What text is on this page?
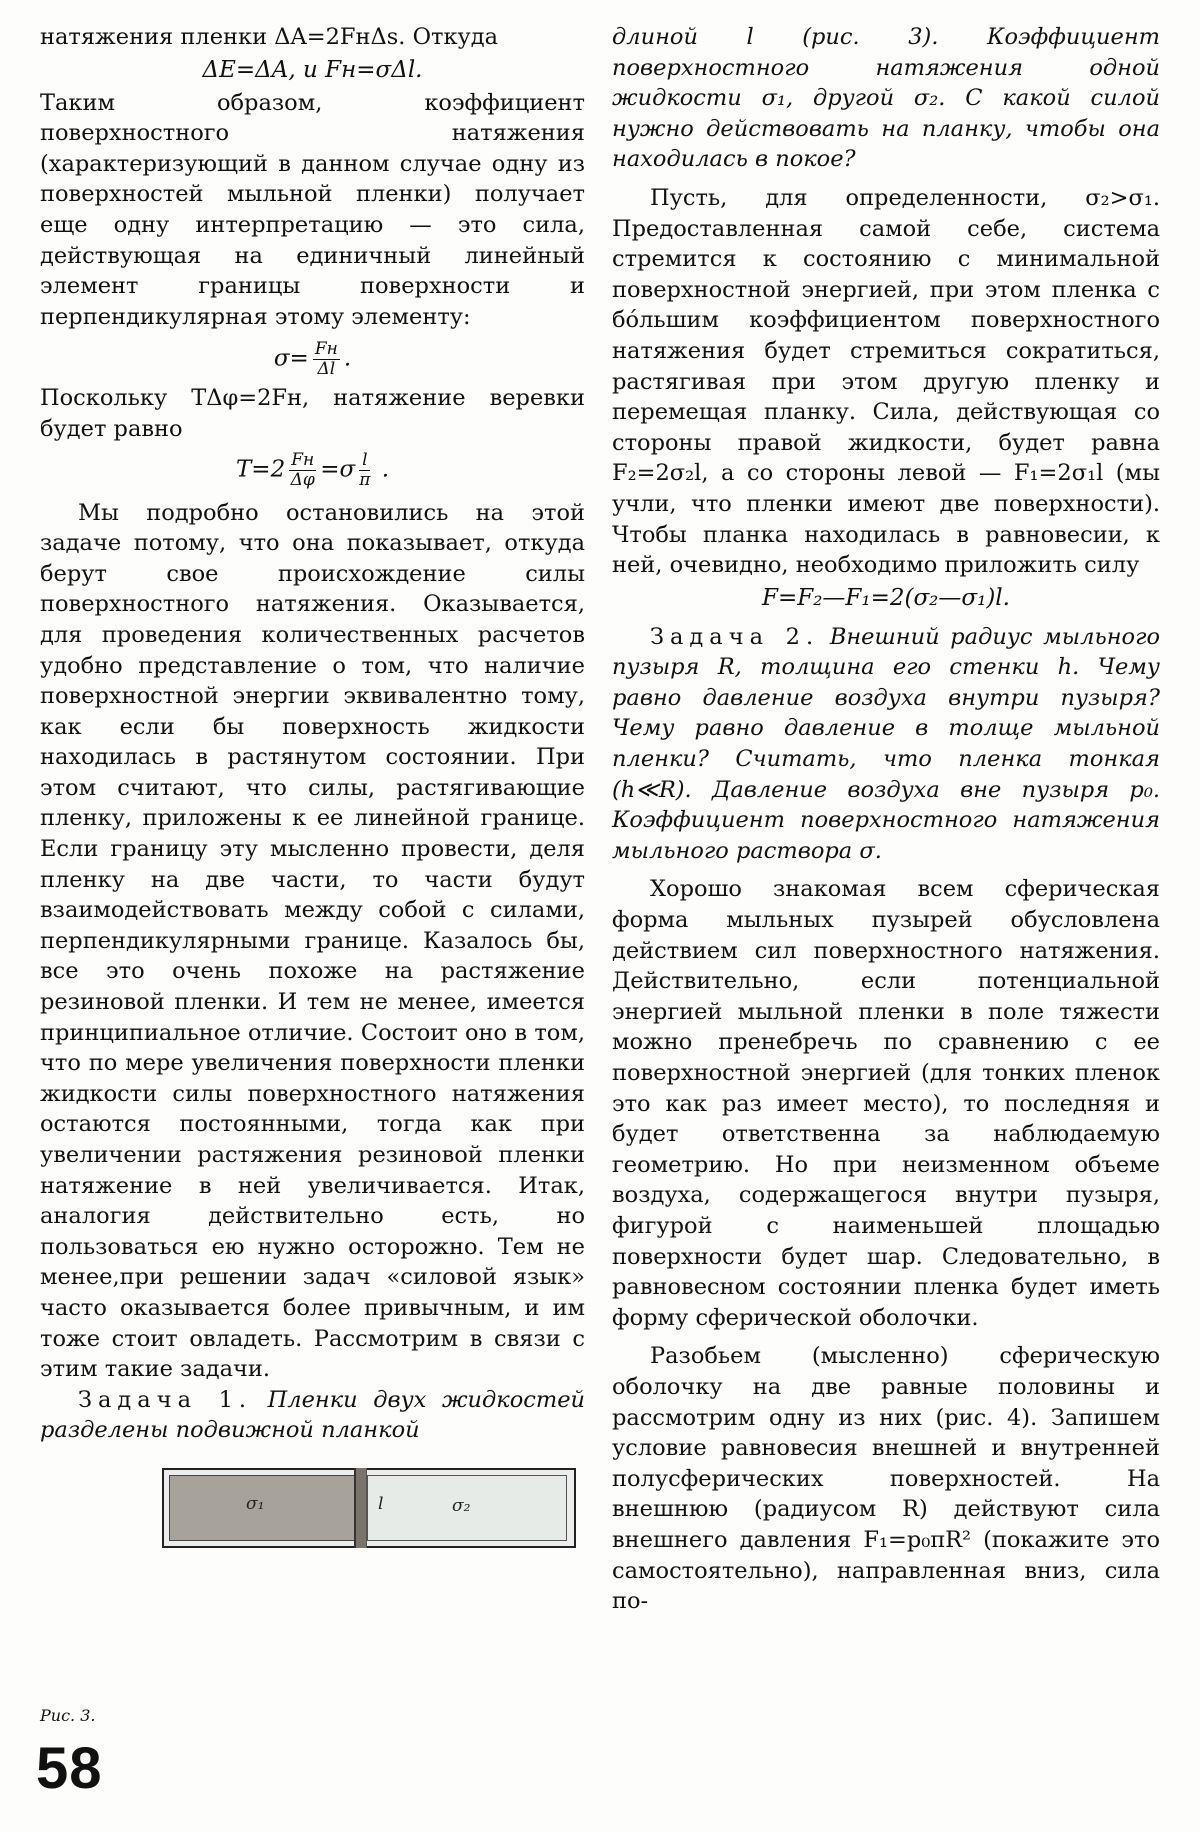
натяжения пленки ΔA=2FнΔs. Откуда

ΔE=ΔA, и Fн=σΔl.

Таким образом, коэффициент поверхностного натяжения (характеризующий в данном случае одну из поверхностей мыльной пленки) получает еще одну интерпретацию — это сила, действующая на единичный линейный элемент границы поверхности и перпендикулярная этому элементу:

$\sigma= \frac{Fн}{\Delta l}$ .

Поскольку TΔφ=2Fн, натяжение веревки будет равно

$T=2 \frac{Fн}{\Delta\varphi} =\sigma \frac{l}{\pi}$ .

Мы подробно остановились на этой задаче потому, что она показывает, откуда берут свое происхождение силы поверхностного натяжения. Оказывается, для проведения количественных расчетов удобно представление о том, что наличие поверхностной энергии эквивалентно тому, как если бы поверхность жидкости находилась в растянутом состоянии. При этом считают, что силы, растягивающие пленку, приложены к ее линейной границе. Если границу эту мысленно провести, деля пленку на две части, то части будут взаимодействовать между собой с силами, перпендикулярными границе. Казалось бы, все это очень похоже на растяжение резиновой пленки. И тем не менее, имеется принципиальное отличие. Состоит оно в том, что по мере увеличения поверхности пленки жидкости силы поверхностного натяжения остаются постоянными, тогда как при увеличении растяжения резиновой пленки натяжение в ней увеличивается. Итак, аналогия действительно есть, но пользоваться ею нужно осторожно. Тем не менее,при решении задач «силовой язык» часто оказывается более привычным, и им тоже стоит овладеть. Рассмотрим в связи с этим такие задачи.

Задача 1. Пленки двух жидкостей разделены подвижной планкой

σ₁	l	σ₂

длиной l (рис. 3). Коэффициент поверхностного натяжения одной жидкости σ₁, другой σ₂. С какой силой нужно действовать на планку, чтобы она находилась в покое?

Пусть, для определенности, σ₂>σ₁. Предоставленная самой себе, система стремится к состоянию с минимальной поверхностной энергией, при этом пленка с бóльшим коэффициентом поверхностного натяжения будет стремиться сократиться, растягивая при этом другую пленку и перемещая планку. Сила, действующая со стороны правой жидкости, будет равна F₂=2σ₂l, а со стороны левой — F₁=2σ₁l (мы учли, что пленки имеют две поверхности). Чтобы планка находилась в равновесии, к ней, очевидно, необходимо приложить силу

F=F₂—F₁=2(σ₂—σ₁)l.

Задача 2. Внешний радиус мыльного пузыря R, толщина его стенки h. Чему равно давление воздуха внутри пузыря? Чему равно давление в толще мыльной пленки? Считать, что пленка тонкая (h≪R). Давление воздуха вне пузыря p₀. Коэффициент поверхностного натяжения мыльного раствора σ.

Хорошо знакомая всем сферическая форма мыльных пузырей обусловлена действием сил поверхностного натяжения. Действительно, если потенциальной энергией мыльной пленки в поле тяжести можно пренебречь по сравнению с ее поверхностной энергией (для тонких пленок это как раз имеет место), то последняя и будет ответственна за наблюдаемую геометрию. Но при неизменном объеме воздуха, содержащегося внутри пузыря, фигурой с наименьшей площадью поверхности будет шар. Следовательно, в равновесном состоянии пленка будет иметь форму сферической оболочки.

Разобьем (мысленно) сферическую оболочку на две равные половины и рассмотрим одну из них (рис. 4). Запишем условие равновесия внешней и внутренней полусферических поверхностей. На внешнюю (радиусом R) действуют сила внешнего давления F₁=p₀πR² (покажите это самостоятельно), направленная вниз, сила по-

Рис. 3.
58
